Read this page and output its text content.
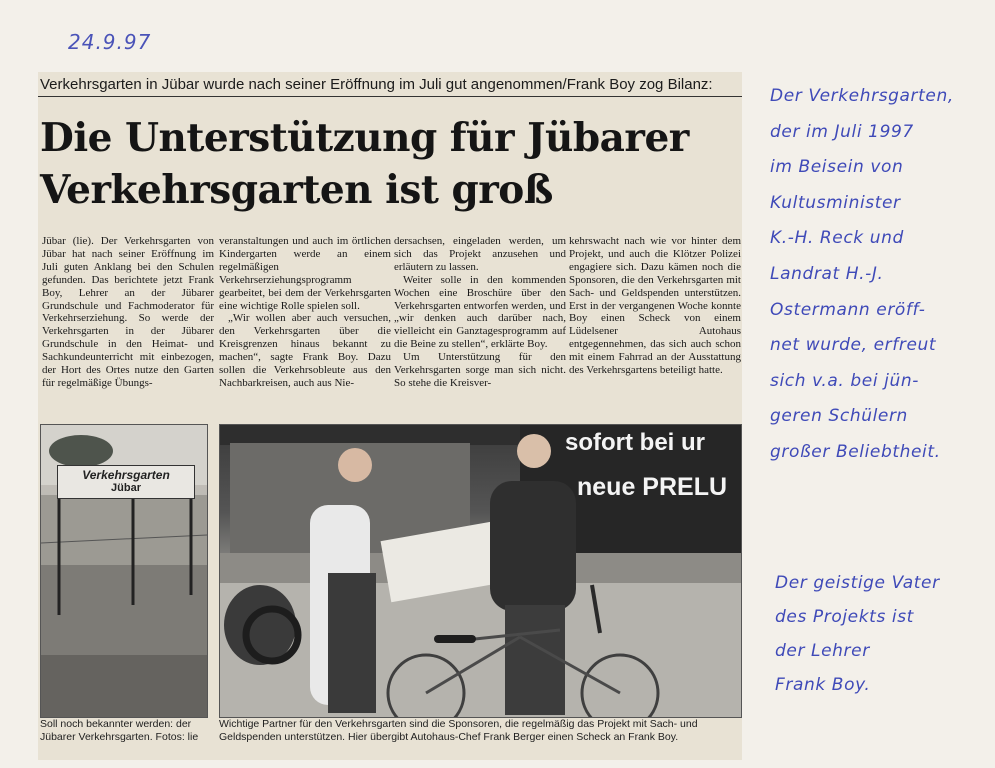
24.9.97
Verkehrsgarten in Jübar wurde nach seiner Eröffnung im Juli gut angenommen/Frank Boy zog Bilanz:
Die Unterstützung für Jübarer
Verkehrsgarten ist groß

Jübar (lie). Der Verkehrsgarten von Jübar hat nach seiner Eröffnung im Juli guten Anklang bei den Schulen gefunden. Das berichtete jetzt Frank Boy, Lehrer an der Jübarer Grundschule und Fachmoderator für Verkehrserziehung. So werde der Verkehrsgarten in der Jübarer Grundschule in den Heimat- und Sachkundeunterricht mit einbezogen, der Hort des Ortes nutze den Garten für regelmäßige Übungs-

veranstaltungen und auch im örtlichen Kindergarten werde an einem regelmäßigen Verkehrserziehungsprogramm gearbeitet, bei dem der Verkehrsgarten eine wichtige Rolle spielen soll.

„Wir wollen aber auch versuchen, den Verkehrsgarten über die Kreisgrenzen hinaus bekannt zu machen“, sagte Frank Boy. Dazu sollen die Verkehrsobleute aus den Nachbarkreisen, auch aus Nie-

dersachsen, eingeladen werden, um sich das Projekt anzusehen und erläutern zu lassen.

Weiter solle in den kommenden Wochen eine Broschüre über den Verkehrsgarten entworfen werden, und „wir denken auch darüber nach, vielleicht ein Ganztagesprogramm auf die Beine zu stellen“, erklärte Boy.

Um Unterstützung für den Verkehrsgarten sorge man sich nicht. So stehe die Kreisver-

kehrswacht nach wie vor hinter dem Projekt, und auch die Klötzer Polizei engagiere sich. Dazu kämen noch die Sponsoren, die den Verkehrsgarten mit Sach- und Geldspenden unterstützen. Erst in der vergangenen Woche konnte Boy einen Scheck von einem Lüdelsener Autohaus entgegennehmen, das sich auch schon mit einem Fahrrad an der Ausstattung des Verkehrsgartens beteiligt hatte.

Verkehrsgarten
Jübar
sofort bei ur
neue PRELU
Soll noch bekannter werden: der
Jübarer Verkehrsgarten. Fotos: lie
Wichtige Partner für den Verkehrsgarten sind die Sponsoren, die regelmäßig das Projekt mit Sach- und
Geldspenden unterstützen. Hier übergibt Autohaus-Chef Frank Berger einen Scheck an Frank Boy.
Der Verkehrsgarten,
der im Juli 1997
im Beisein von
Kultusminister
K.-H. Reck und
Landrat H.-J.
Ostermann eröff-
net wurde, erfreut
sich v.a. bei jün-
geren Schülern
großer Beliebtheit.
Der geistige Vater
des Projekts ist
der Lehrer
Frank Boy.
